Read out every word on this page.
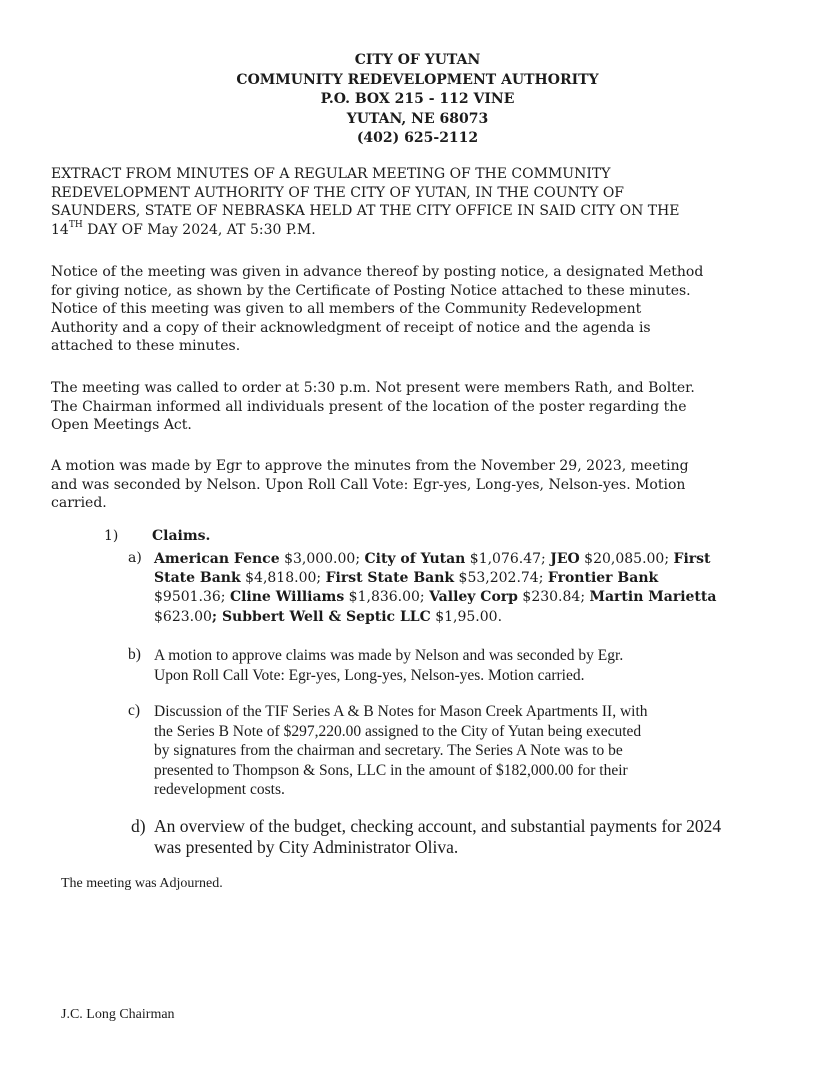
CITY OF YUTAN
COMMUNITY REDEVELOPMENT AUTHORITY
P.O. BOX 215 - 112 VINE
YUTAN, NE 68073
(402) 625-2112
EXTRACT FROM MINUTES OF A REGULAR MEETING OF THE COMMUNITY
REDEVELOPMENT AUTHORITY OF THE CITY OF YUTAN, IN THE COUNTY OF
SAUNDERS, STATE OF NEBRASKA HELD AT THE CITY OFFICE IN SAID CITY ON THE
14TH DAY OF May 2024, AT 5:30 P.M.
Notice of the meeting was given in advance thereof by posting notice, a designated Method
for giving notice, as shown by the Certificate of Posting Notice attached to these minutes.
Notice of this meeting was given to all members of the Community Redevelopment
Authority and a copy of their acknowledgment of receipt of notice and the agenda is
attached to these minutes.
The meeting was called to order at 5:30 p.m. Not present were members Rath, and Bolter.
The Chairman informed all individuals present of the location of the poster regarding the
Open Meetings Act.
A motion was made by Egr to approve the minutes from the November 29, 2023, meeting
and was seconded by Nelson. Upon Roll Call Vote: Egr-yes, Long-yes, Nelson-yes. Motion
carried.
1) Claims.
a) American Fence $3,000.00; City of Yutan $1,076.47; JEO $20,085.00; First
State Bank $4,818.00; First State Bank $53,202.74; Frontier Bank
$9501.36; Cline Williams $1,836.00; Valley Corp $230.84; Martin Marietta
$623.00; Subbert Well & Septic LLC $1,95.00.
b) A motion to approve claims was made by Nelson and was seconded by Egr.
Upon Roll Call Vote: Egr-yes, Long-yes, Nelson-yes. Motion carried.
c) Discussion of the TIF Series A & B Notes for Mason Creek Apartments II, with
the Series B Note of $297,220.00 assigned to the City of Yutan being executed
by signatures from the chairman and secretary. The Series A Note was to be
presented to Thompson & Sons, LLC in the amount of $182,000.00 for their
redevelopment costs.
d) An overview of the budget, checking account, and substantial payments for 2024
was presented by City Administrator Oliva.
The meeting was Adjourned.
J.C. Long Chairman
